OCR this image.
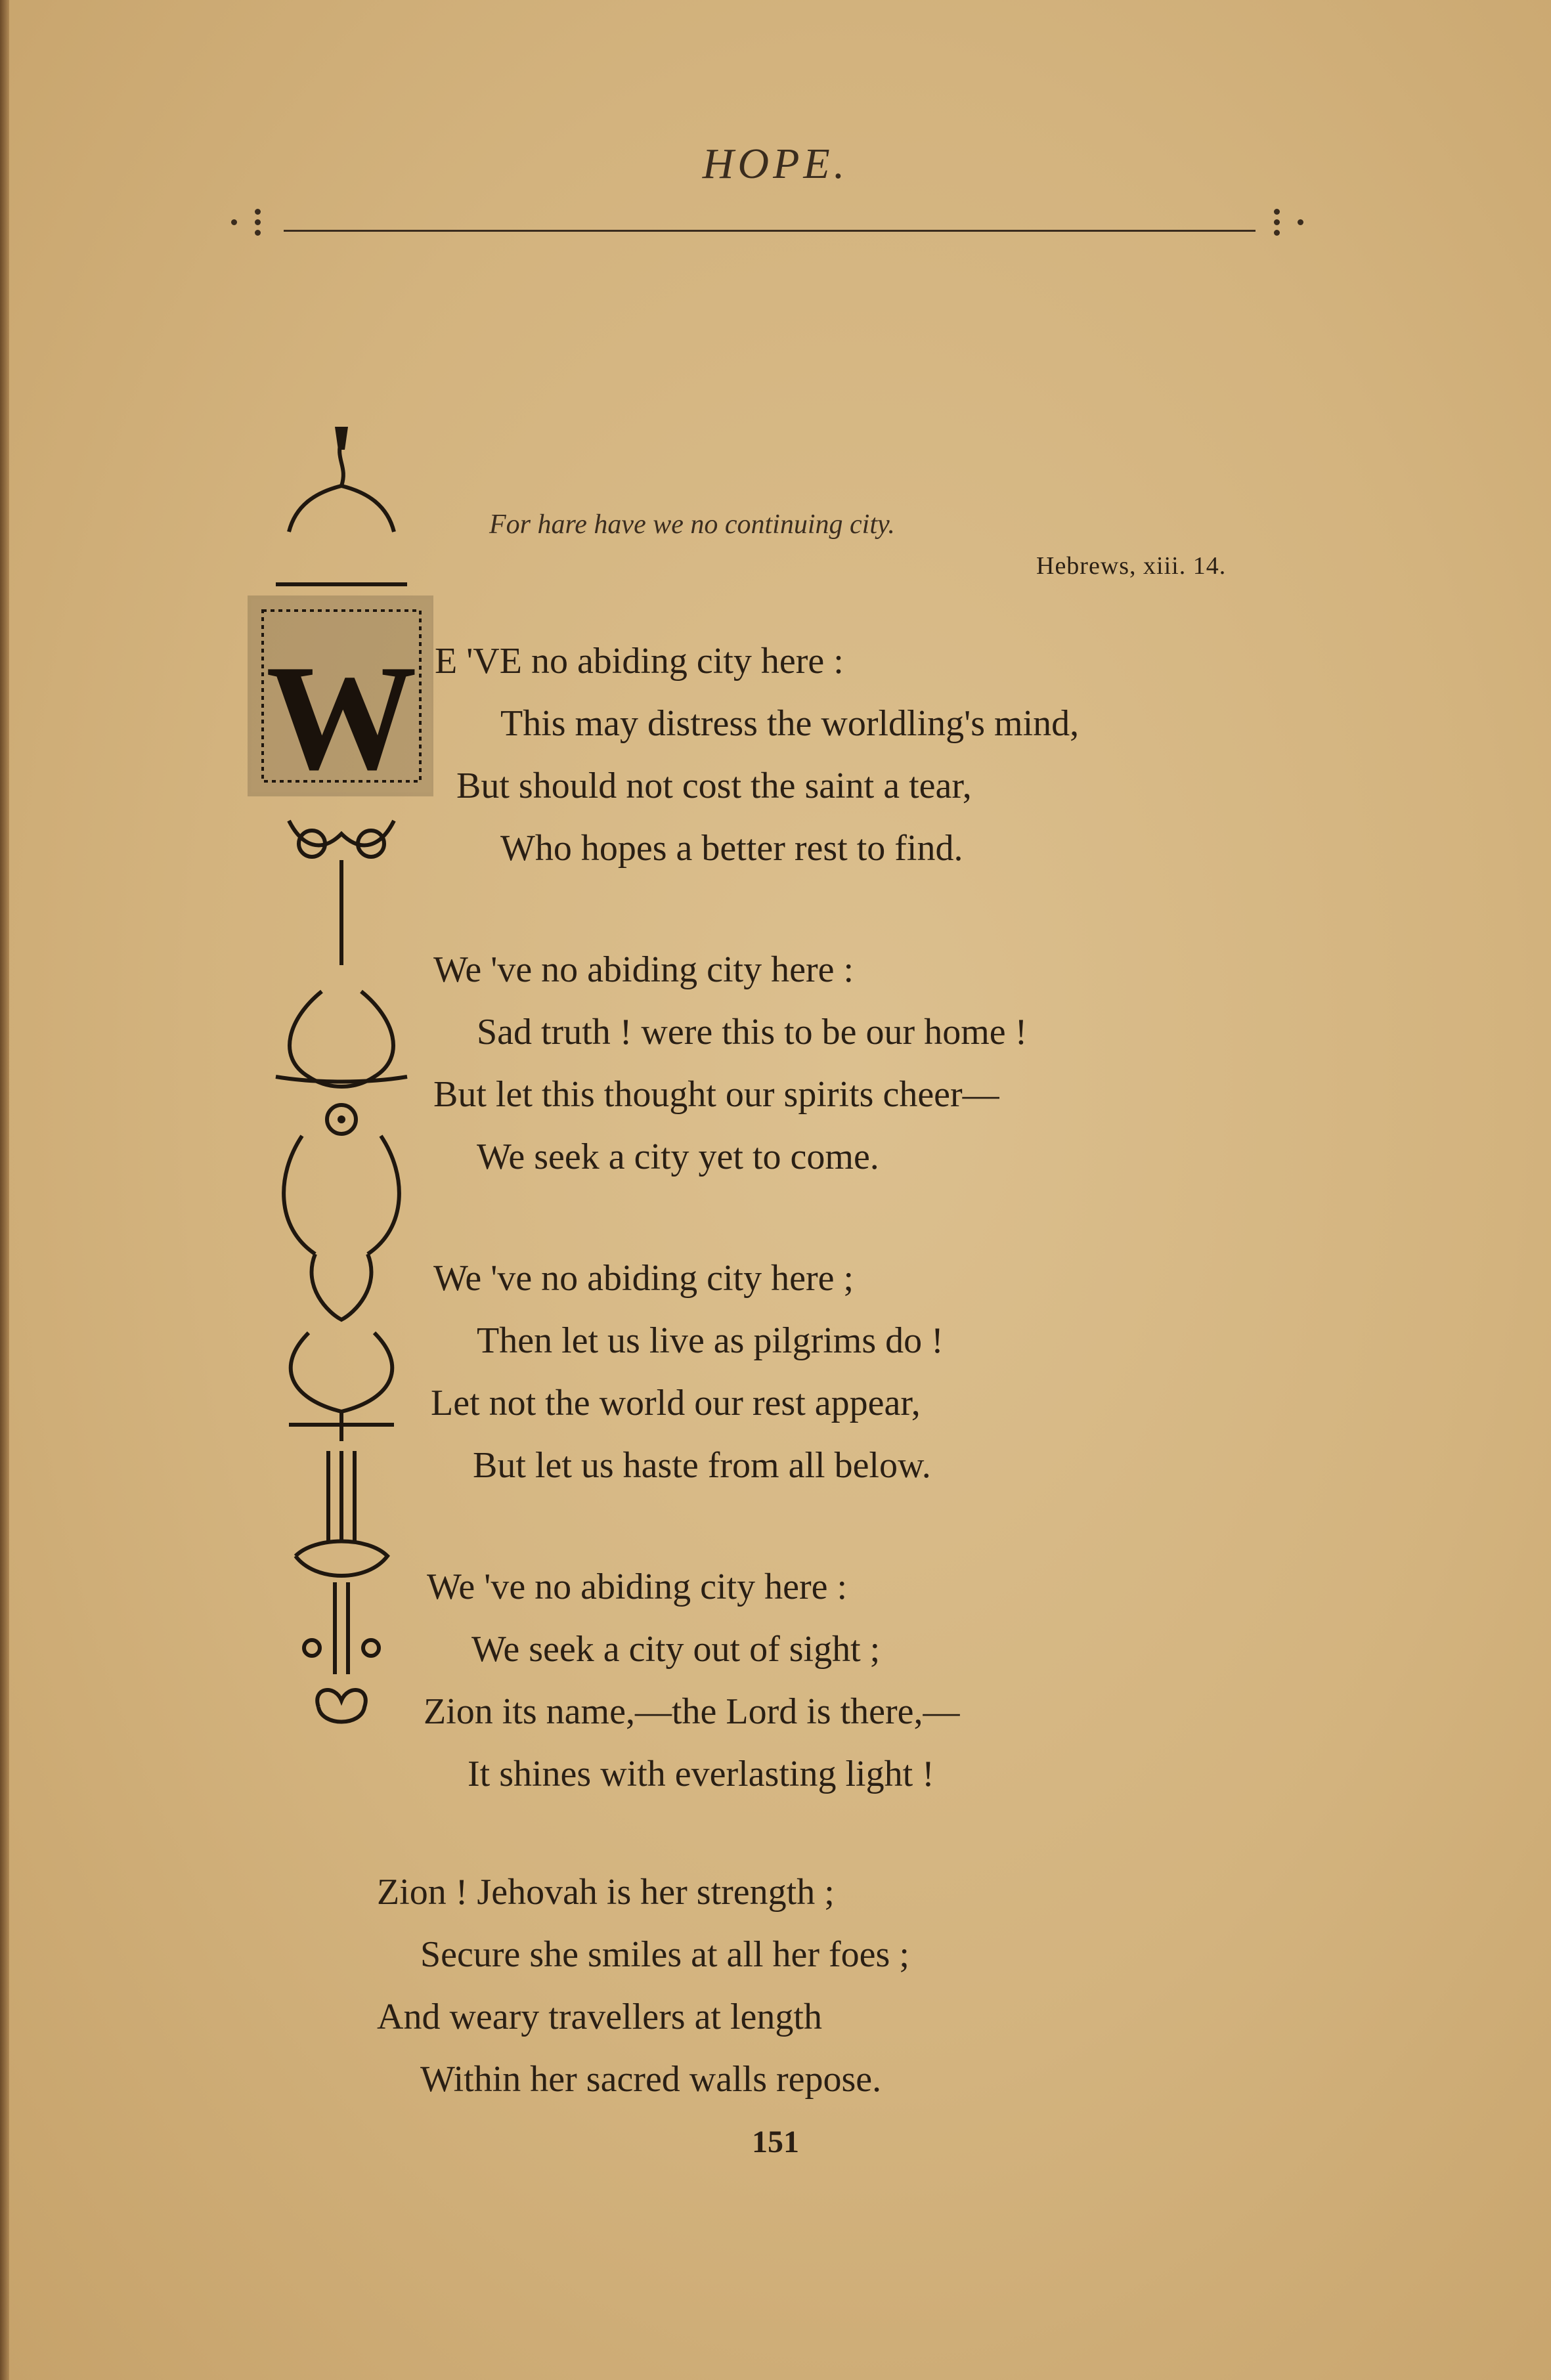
HOPE.
For hare have we no continuing city.
Hebrews, xiii. 14.
W E 'VE no abiding city here :
This may distress the worldling's mind,
But should not cost the saint a tear,
Who hopes a better rest to find.
We 've no abiding city here :
Sad truth ! were this to be our home !
But let this thought our spirits cheer—
We seek a city yet to come.
We 've no abiding city here ;
Then let us live as pilgrims do !
Let not the world our rest appear,
But let us haste from all below.
We 've no abiding city here :
We seek a city out of sight ;
Zion its name,—the Lord is there,—
It shines with everlasting light !
Zion ! Jehovah is her strength ;
Secure she smiles at all her foes ;
And weary travellers at length
Within her sacred walls repose.
151
